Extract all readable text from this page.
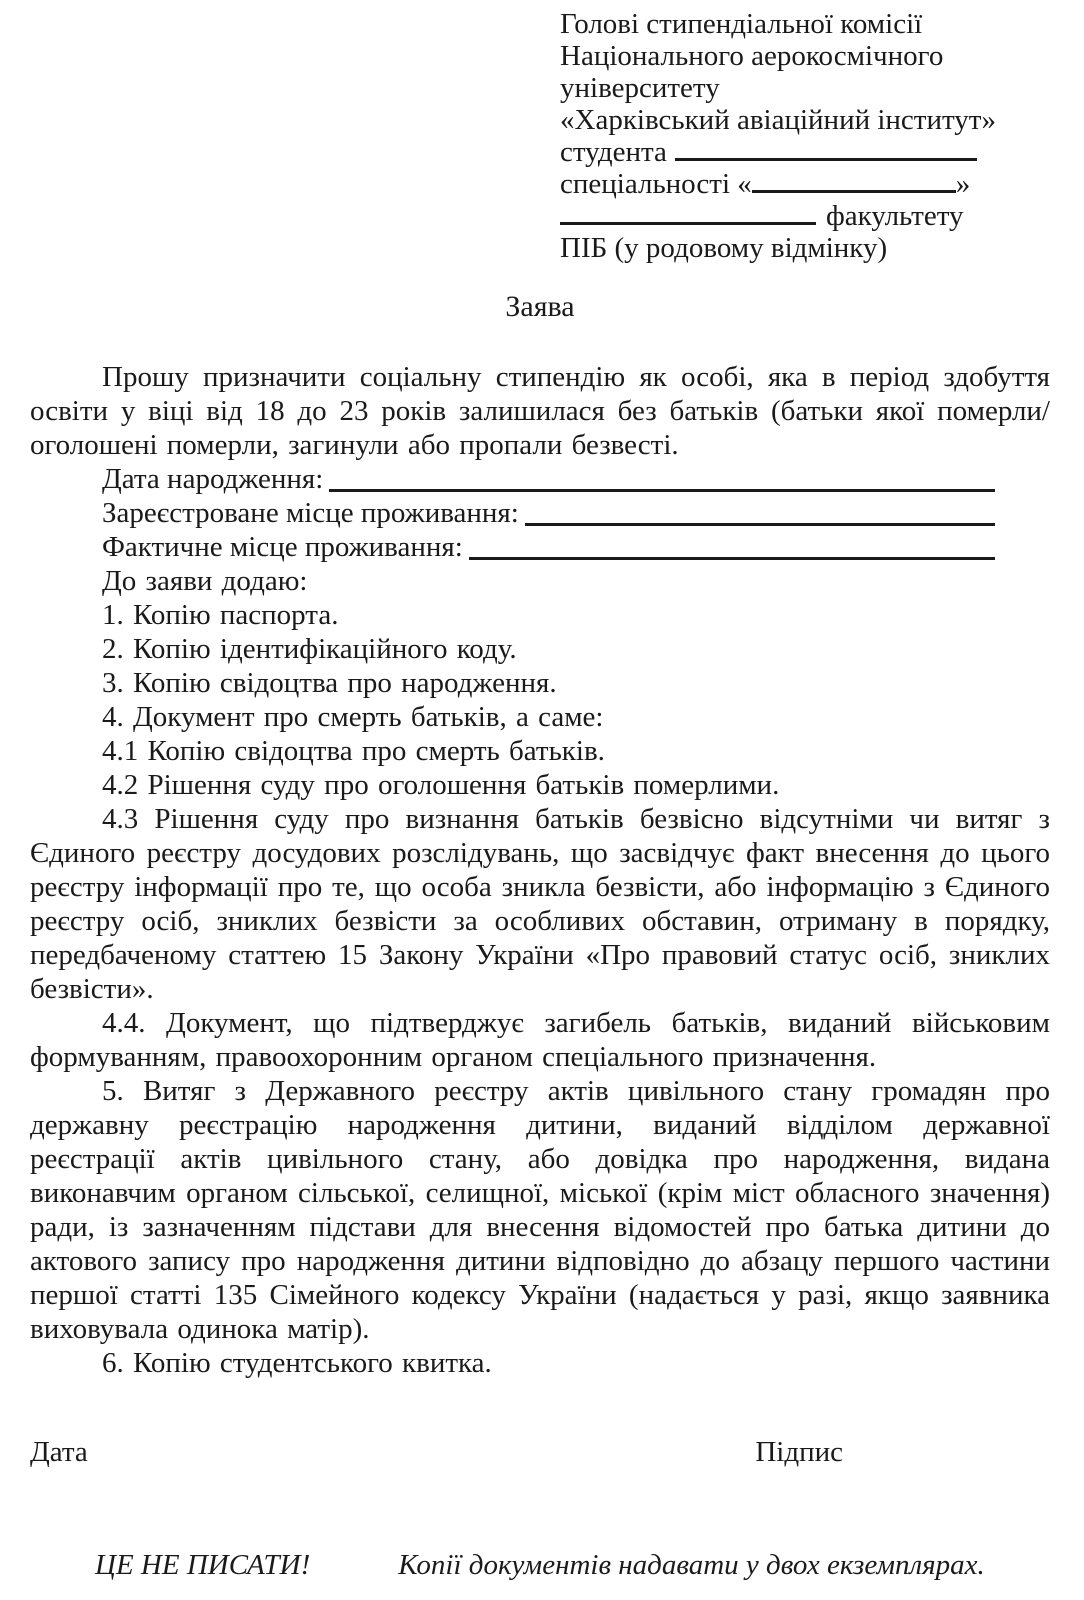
Голові стипендіальної комісії
Національного аерокосмічного
університету
«Харківський авіаційний інститут»
студента
спеціальності «	»
факультету
ПІБ (у родовому відмінку)
Заява

Прошу призначити соціальну стипендію як особі, яка в період здобуття освіти у віці від 18 до 23 років залишилася без батьків (батьки якої померли/оголошені померли, загинули або пропали безвесті.

Дата народження:
Зареєстроване місце проживання:
Фактичне місце проживання:

До заяви додаю:

1. Копію паспорта.

2. Копію ідентифікаційного коду.

3. Копію свідоцтва про народження.

4. Документ про смерть батьків, а саме:

4.1 Копію свідоцтва про смерть батьків.

4.2 Рішення суду про оголошення батьків померлими.

4.3 Рішення суду про визнання батьків безвісно відсутніми чи витяг з Єдиного реєстру досудових розслідувань, що засвідчує факт внесення до цього реєстру інформації про те, що особа зникла безвісти, або інформацію з Єдиного реєстру осіб, зниклих безвісти за особливих обставин, отриману в порядку, передбаченому статтею 15 Закону України «Про правовий статус осіб, зниклих безвісти».

4.4. Документ, що підтверджує загибель батьків, виданий військовим формуванням, правоохоронним органом спеціального призначення.

5. Витяг з Державного реєстру актів цивільного стану громадян про державну реєстрацію народження дитини, виданий відділом державної реєстрації актів цивільного стану, або довідка про народження, видана виконавчим органом сільської, селищної, міської (крім міст обласного значення) ради, із зазначенням підстави для внесення відомостей про батька дитини до актового запису про народження дитини відповідно до абзацу першого частини першої статті 135 Сімейного кодексу України (надається у разі, якщо заявника виховувала одинока матір).

6. Копію студентського квитка.

Дата	Підпис
ЦЕ НЕ ПИСАТИ!	Копії документів надавати у двох екземплярах.
